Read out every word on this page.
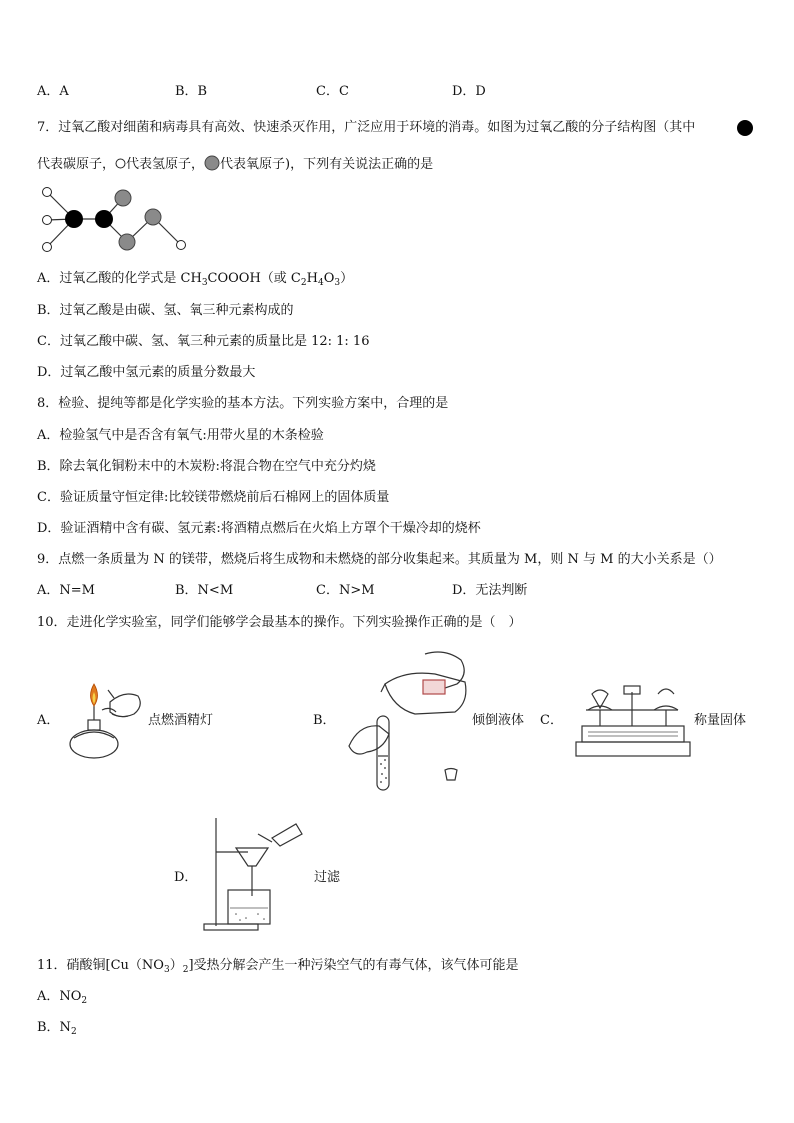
A．A	B．B	C．C	D．D
7．过氧乙酸对细菌和病毒具有高效、快速杀灭作用，广泛应用于环境的消毒。如图为过氧乙酸的分子结构图（其中
代表碳原子， 代表氢原子， 代表氧原子)，下列有关说法正确的是
A．过氧乙酸的化学式是 $CH_3COOOH$（或 $C_2H_4O_3$）
B．过氧乙酸是由碳、氢、氧三种元素构成的
C．过氧乙酸中碳、氢、氧三种元素的质量比是 12: 1: 16
D．过氧乙酸中氢元素的质量分数最大
8．检验、提纯等都是化学实验的基本方法。下列实验方案中，合理的是
A．检验氢气中是否含有氧气:用带火星的木条检验
B．除去氧化铜粉末中的木炭粉:将混合物在空气中充分灼烧
C．验证质量守恒定律:比较镁带燃烧前后石棉网上的固体质量
D．验证酒精中含有碳、氢元素:将酒精点燃后在火焰上方罩个干燥冷却的烧杯
9．点燃一条质量为 N 的镁带，燃烧后将生成物和未燃烧的部分收集起来。其质量为 M，则 N 与 M 的大小关系是（）
A．N=M	B．N<M	C．N>M	D．无法判断
10．走进化学实验室，同学们能够学会最基本的操作。下列实验操作正确的是（　）
A．	点燃酒精灯	B．	倾倒液体 C．	称量固体
D．	过滤
11．硝酸铜$[Cu(NO_3)_2]$受热分解会产生一种污染空气的有毒气体，该气体可能是
A．$NO_2$
B．$N_2$
